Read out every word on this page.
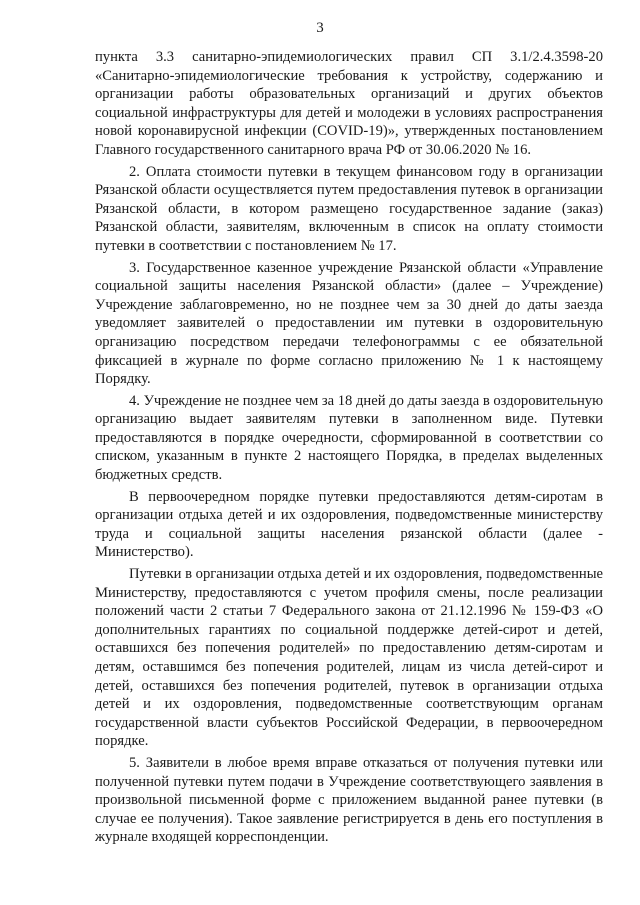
3

пункта 3.3 санитарно-эпидемиологических правил СП 3.1/2.4.3598-20 «Санитарно-эпидемиологические требования к устройству, содержанию и организации работы образовательных организаций и других объектов социальной инфраструктуры для детей и молодежи в условиях распространения новой коронавирусной инфекции (COVID-19)», утвержденных постановлением Главного государственного санитарного врача РФ от 30.06.2020 № 16.

2. Оплата стоимости путевки в текущем финансовом году в организации Рязанской области осуществляется путем предоставления путевок в организации Рязанской области, в котором размещено государственное задание (заказ) Рязанской области, заявителям, включенным в список на оплату стоимости путевки в соответствии с постановлением № 17.

3. Государственное казенное учреждение Рязанской области «Управление социальной защиты населения Рязанской области» (далее – Учреждение) Учреждение заблаговременно, но не позднее чем за 30 дней до даты заезда уведомляет заявителей о предоставлении им путевки в оздоровительную организацию посредством передачи телефонограммы с ее обязательной фиксацией в журнале по форме согласно приложению № 1 к настоящему Порядку.

4. Учреждение не позднее чем за 18 дней до даты заезда в оздоровительную организацию выдает заявителям путевки в заполненном виде. Путевки предоставляются в порядке очередности, сформированной в соответствии со списком, указанным в пункте 2 настоящего Порядка, в пределах выделенных бюджетных средств.

В первоочередном порядке путевки предоставляются детям-сиротам в организации отдыха детей и их оздоровления, подведомственные министерству труда и социальной защиты населения рязанской области (далее - Министерство).

Путевки в организации отдыха детей и их оздоровления, подведомственные Министерству, предоставляются с учетом профиля смены, после реализации положений части 2 статьи 7 Федерального закона от 21.12.1996 № 159-ФЗ «О дополнительных гарантиях по социальной поддержке детей-сирот и детей, оставшихся без попечения родителей» по предоставлению детям-сиротам и детям, оставшимся без попечения родителей, лицам из числа детей-сирот и детей, оставшихся без попечения родителей, путевок в организации отдыха детей и их оздоровления, подведомственные соответствующим органам государственной власти субъектов Российской Федерации, в первоочередном порядке.

5. Заявители в любое время вправе отказаться от получения путевки или полученной путевки путем подачи в Учреждение соответствующего заявления в произвольной письменной форме с приложением выданной ранее путевки (в случае ее получения). Такое заявление регистрируется в день его поступления в журнале входящей корреспонденции.
